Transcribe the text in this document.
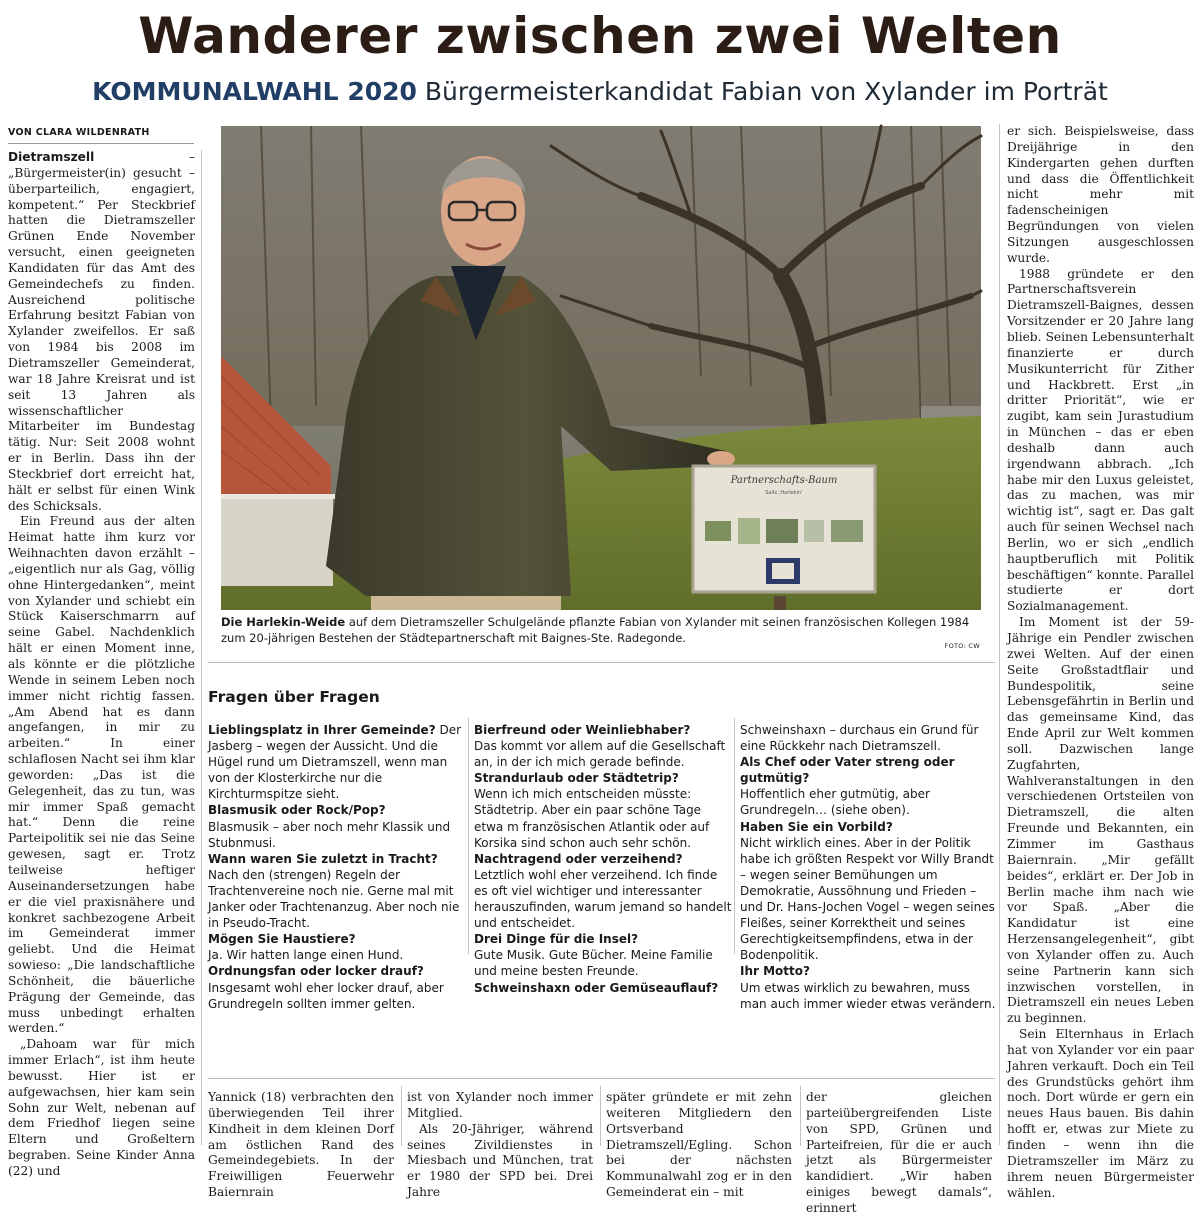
Wanderer zwischen zwei Welten
KOMMUNALWAHL 2020 Bürgermeisterkandidat Fabian von Xylander im Porträt
VON CLARA WILDENRATH

Dietramszell – „Bürgermeister(in) gesucht – überparteilich, engagiert, kompetent.“ Per Steckbrief hatten die Dietramszeller Grünen Ende November versucht, einen geeigneten Kandidaten für das Amt des Gemeindechefs zu finden. Ausreichend politische Erfahrung besitzt Fabian von Xylander zweifellos. Er saß von 1984 bis 2008 im Dietramszeller Gemeinderat, war 18 Jahre Kreisrat und ist seit 13 Jahren als wissenschaftlicher Mitarbeiter im Bundestag tätig. Nur: Seit 2008 wohnt er in Berlin. Dass ihn der Steckbrief dort erreicht hat, hält er selbst für einen Wink des Schicksals.

Ein Freund aus der alten Heimat hatte ihm kurz vor Weihnachten davon erzählt – „eigentlich nur als Gag, völlig ohne Hintergedanken“, meint von Xylander und schiebt ein Stück Kaiserschmarrn auf seine Gabel. Nachdenklich hält er einen Moment inne, als könnte er die plötzliche Wende in seinem Leben noch immer nicht richtig fassen. „Am Abend hat es dann angefangen, in mir zu arbeiten.“ In einer schlaflosen Nacht sei ihm klar geworden: „Das ist die Gelegenheit, das zu tun, was mir immer Spaß gemacht hat.“ Denn die reine Parteipolitik sei nie das Seine gewesen, sagt er. Trotz teilweise heftiger Auseinandersetzungen habe er die viel praxisnähere und konkret sachbezogene Arbeit im Gemeinderat immer geliebt. Und die Heimat sowieso: „Die landschaftliche Schönheit, die bäuerliche Prägung der Gemeinde, das muss unbedingt erhalten werden.“

„Dahoam war für mich immer Erlach“, ist ihm heute bewusst. Hier ist er aufgewachsen, hier kam sein Sohn zur Welt, nebenan auf dem Friedhof liegen seine Eltern und Großeltern begraben. Seine Kinder Anna (22) und

Partnerschafts-Baum
Salix ‚Harlekin‘
Die Harlekin-Weide auf dem Dietramszeller Schulgelände pflanzte Fabian von Xylander mit seinen französischen Kollegen 1984 zum 20-jährigen Bestehen der Städtepartnerschaft mit Baignes-Ste. Radegonde.
FOTO: CW
Fragen über Fragen
Lieblingsplatz in Ihrer Gemeinde? Der Jasberg – wegen der Aussicht. Und die Hügel rund um Dietramszell, wenn man von der Klosterkirche nur die Kirchturmspitze sieht.
Blasmusik oder Rock/Pop?
Blasmusik – aber noch mehr Klassik und Stubnmusi.
Wann waren Sie zuletzt in Tracht?
Nach den (strengen) Regeln der Trachtenvereine noch nie. Gerne mal mit Janker oder Trachtenanzug. Aber noch nie in Pseudo-Tracht.
Mögen Sie Haustiere?
Ja. Wir hatten lange einen Hund.
Ordnungsfan oder locker drauf?
Insgesamt wohl eher locker drauf, aber Grundregeln sollten immer gelten.
Bierfreund oder Weinliebhaber?
Das kommt vor allem auf die Gesellschaft an, in der ich mich gerade befinde.
Strandurlaub oder Städtetrip?
Wenn ich mich entscheiden müsste: Städtetrip. Aber ein paar schöne Tage etwa m französischen Atlantik oder auf Korsika sind schon auch sehr schön.
Nachtragend oder verzeihend?
Letztlich wohl eher verzeihend. Ich finde es oft viel wichtiger und interessanter herauszufinden, warum jemand so handelt und entscheidet.
Drei Dinge für die Insel?
Gute Musik. Gute Bücher. Meine Familie und meine besten Freunde.
Schweinshaxn oder Gemüseauflauf?
Schweinshaxn – durchaus ein Grund für eine Rückkehr nach Dietramszell.
Als Chef oder Vater streng oder gutmütig?
Hoffentlich eher gutmütig, aber Grundregeln… (siehe oben).
Haben Sie ein Vorbild?
Nicht wirklich eines. Aber in der Politik habe ich größten Respekt vor Willy Brandt – wegen seiner Bemühungen um Demokratie, Aussöhnung und Frieden – und Dr. Hans-Jochen Vogel – wegen seines Fleißes, seiner Korrektheit und seines Gerechtigkeitsempfindens, etwa in der Bodenpolitik.
Ihr Motto?
Um etwas wirklich zu bewahren, muss man auch immer wieder etwas verändern.

Yannick (18) verbrachten den überwiegenden Teil ihrer Kindheit in dem kleinen Dorf am östlichen Rand des Gemeindegebiets. In der Freiwilligen Feuerwehr Baiernrain

ist von Xylander noch immer Mitglied.

Als 20-Jähriger, während seines Zivildienstes in Miesbach und München, trat er 1980 der SPD bei. Drei Jahre

später gründete er mit zehn weiteren Mitgliedern den Ortsverband Dietramszell/Egling. Schon bei der nächsten Kommunalwahl zog er in den Gemeinderat ein – mit

der gleichen parteiübergreifenden Liste von SPD, Grünen und Parteifreien, für die er auch jetzt als Bürgermeister kandidiert. „Wir haben einiges bewegt damals“, erinnert

er sich. Beispielsweise, dass Dreijährige in den Kindergarten gehen durften und dass die Öffentlichkeit nicht mehr mit fadenscheinigen Begründungen von vielen Sitzungen ausgeschlossen wurde.

1988 gründete er den Partnerschaftsverein Dietramszell-Baignes, dessen Vorsitzender er 20 Jahre lang blieb. Seinen Lebensunterhalt finanzierte er durch Musikunterricht für Zither und Hackbrett. Erst „in dritter Priorität“, wie er zugibt, kam sein Jurastudium in München – das er eben deshalb dann auch irgendwann abbrach. „Ich habe mir den Luxus geleistet, das zu machen, was mir wichtig ist“, sagt er. Das galt auch für seinen Wechsel nach Berlin, wo er sich „endlich hauptberuflich mit Politik beschäftigen“ konnte. Parallel studierte er dort Sozialmanagement.

Im Moment ist der 59-Jährige ein Pendler zwischen zwei Welten. Auf der einen Seite Großstadtflair und Bundespolitik, seine Lebensgefährtin in Berlin und das gemeinsame Kind, das Ende April zur Welt kommen soll. Dazwischen lange Zugfahrten, Wahlveranstaltungen in den verschiedenen Ortsteilen von Dietramszell, die alten Freunde und Bekannten, ein Zimmer im Gasthaus Baiernrain. „Mir gefällt beides“, erklärt er. Der Job in Berlin mache ihm nach wie vor Spaß. „Aber die Kandidatur ist eine Herzensangelegenheit“, gibt von Xylander offen zu. Auch seine Partnerin kann sich inzwischen vorstellen, in Dietramszell ein neues Leben zu beginnen.

Sein Elternhaus in Erlach hat von Xylander vor ein paar Jahren verkauft. Doch ein Teil des Grundstücks gehört ihm noch. Dort würde er gern ein neues Haus bauen. Bis dahin hofft er, etwas zur Miete zu finden – wenn ihn die Dietramszeller im März zu ihrem neuen Bürgermeister wählen.
